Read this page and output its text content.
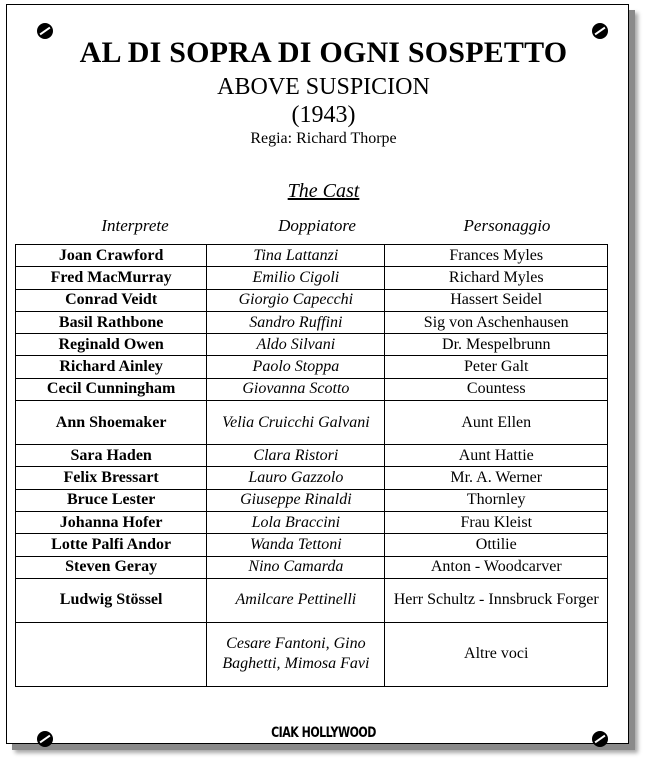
AL DI SOPRA DI OGNI SOSPETTO
ABOVE SUSPICION
(1943)
Regia: Richard Thorpe
The Cast
Interprete	Doppiatore	Personaggio
Joan Crawford	Tina Lattanzi	Frances Myles
Fred MacMurray	Emilio Cigoli	Richard Myles
Conrad Veidt	Giorgio Capecchi	Hassert Seidel
Basil Rathbone	Sandro Ruffini	Sig von Aschenhausen
Reginald Owen	Aldo Silvani	Dr. Mespelbrunn
Richard Ainley	Paolo Stoppa	Peter Galt
Cecil Cunningham	Giovanna Scotto	Countess
Ann Shoemaker	Velia Cruicchi Galvani	Aunt Ellen
Sara Haden	Clara Ristori	Aunt Hattie
Felix Bressart	Lauro Gazzolo	Mr. A. Werner
Bruce Lester	Giuseppe Rinaldi	Thornley
Johanna Hofer	Lola Braccini	Frau Kleist
Lotte Palfi Andor	Wanda Tettoni	Ottilie
Steven Geray	Nino Camarda	Anton - Woodcarver
Ludwig Stössel	Amilcare Pettinelli	Herr Schultz - Innsbruck Forger
	Cesare Fantoni, Gino Baghetti, Mimosa Favi	Altre voci
CIAK HOLLYWOOD
